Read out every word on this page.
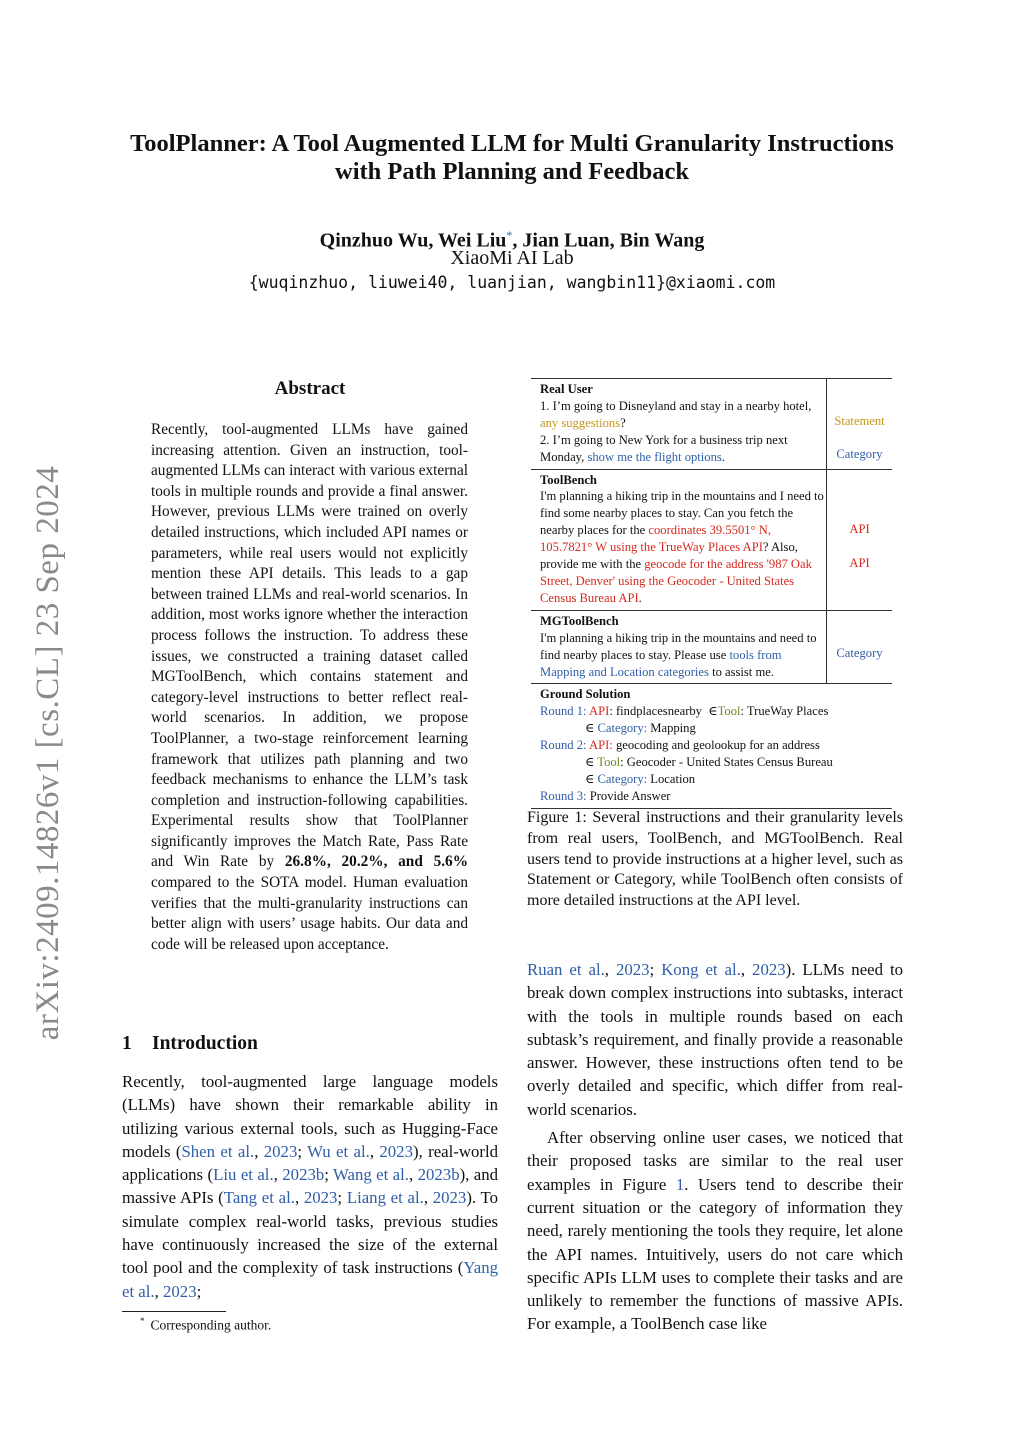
arXiv:2409.14826v1 [cs.CL] 23 Sep 2024
ToolPlanner: A Tool Augmented LLM for Multi Granularity Instructions
with Path Planning and Feedback
Qinzhuo Wu, Wei Liu*, Jian Luan, Bin Wang
XiaoMi AI Lab
{wuqinzhuo, liuwei40, luanjian, wangbin11}@xiaomi.com
Abstract
Recently, tool-augmented LLMs have gained increasing attention. Given an instruction, tool-augmented LLMs can interact with various external tools in multiple rounds and provide a final answer. However, previous LLMs were trained on overly detailed instructions, which included API names or parameters, while real users would not explicitly mention these API details. This leads to a gap between trained LLMs and real-world scenarios. In addition, most works ignore whether the interaction process follows the instruction. To address these issues, we constructed a training dataset called MGToolBench, which contains statement and category-level instructions to better reflect real-world scenarios. In addition, we propose ToolPlanner, a two-stage reinforcement learning framework that utilizes path planning and two feedback mechanisms to enhance the LLM’s task completion and instruction-following capabilities. Experimental results show that ToolPlanner significantly improves the Match Rate, Pass Rate and Win Rate by 26.8%, 20.2%, and 5.6% compared to the SOTA model. Human evaluation verifies that the multi-granularity instructions can better align with users’ usage habits. Our data and code will be released upon acceptance.
1 Introduction
Recently, tool-augmented large language models (LLMs) have shown their remarkable ability in utilizing various external tools, such as Hugging-Face models (Shen et al., 2023; Wu et al., 2023), real-world applications (Liu et al., 2023b; Wang et al., 2023b), and massive APIs (Tang et al., 2023; Liang et al., 2023). To simulate complex real-world tasks, previous studies have continuously increased the size of the external tool pool and the complexity of task instructions (Yang et al., 2023;
* Corresponding author.
Real User
1. I’m going to Disneyland and stay in a nearby hotel, any suggestions?
2. I’m going to New York for a business trip next Monday, show me the flight options.
Statement
Category
ToolBench
I'm planning a hiking trip in the mountains and I need to find some nearby places to stay. Can you fetch the nearby places for the coordinates 39.5501° N, 105.7821° W using the TrueWay Places API? Also, provide me with the geocode for the address '987 Oak Street, Denver' using the Geocoder - United States Census Bureau API.
API
API
MGToolBench
I'm planning a hiking trip in the mountains and need to find nearby places to stay. Please use tools from Mapping and Location categories to assist me.
Category
Ground Solution
Round 1: API: findplacesnearby ∈Tool: TrueWay Places
∈ Category: Mapping
Round 2: API: geocoding and geolookup for an address
∈ Tool: Geocoder - United States Census Bureau
∈ Category: Location
Round 3: Provide Answer
Figure 1: Several instructions and their granularity levels from real users, ToolBench, and MGToolBench. Real users tend to provide instructions at a higher level, such as Statement or Category, while ToolBench often consists of more detailed instructions at the API level.

Ruan et al., 2023; Kong et al., 2023). LLMs need to break down complex instructions into subtasks, interact with the tools in multiple rounds based on each subtask’s requirement, and finally provide a reasonable answer. However, these instructions often tend to be overly detailed and specific, which differ from real-world scenarios.

After observing online user cases, we noticed that their proposed tasks are similar to the real user examples in Figure 1. Users tend to describe their current situation or the category of information they need, rarely mentioning the tools they require, let alone the API names. Intuitively, users do not care which specific APIs LLM uses to complete their tasks and are unlikely to remember the functions of massive APIs. For example, a ToolBench case like
